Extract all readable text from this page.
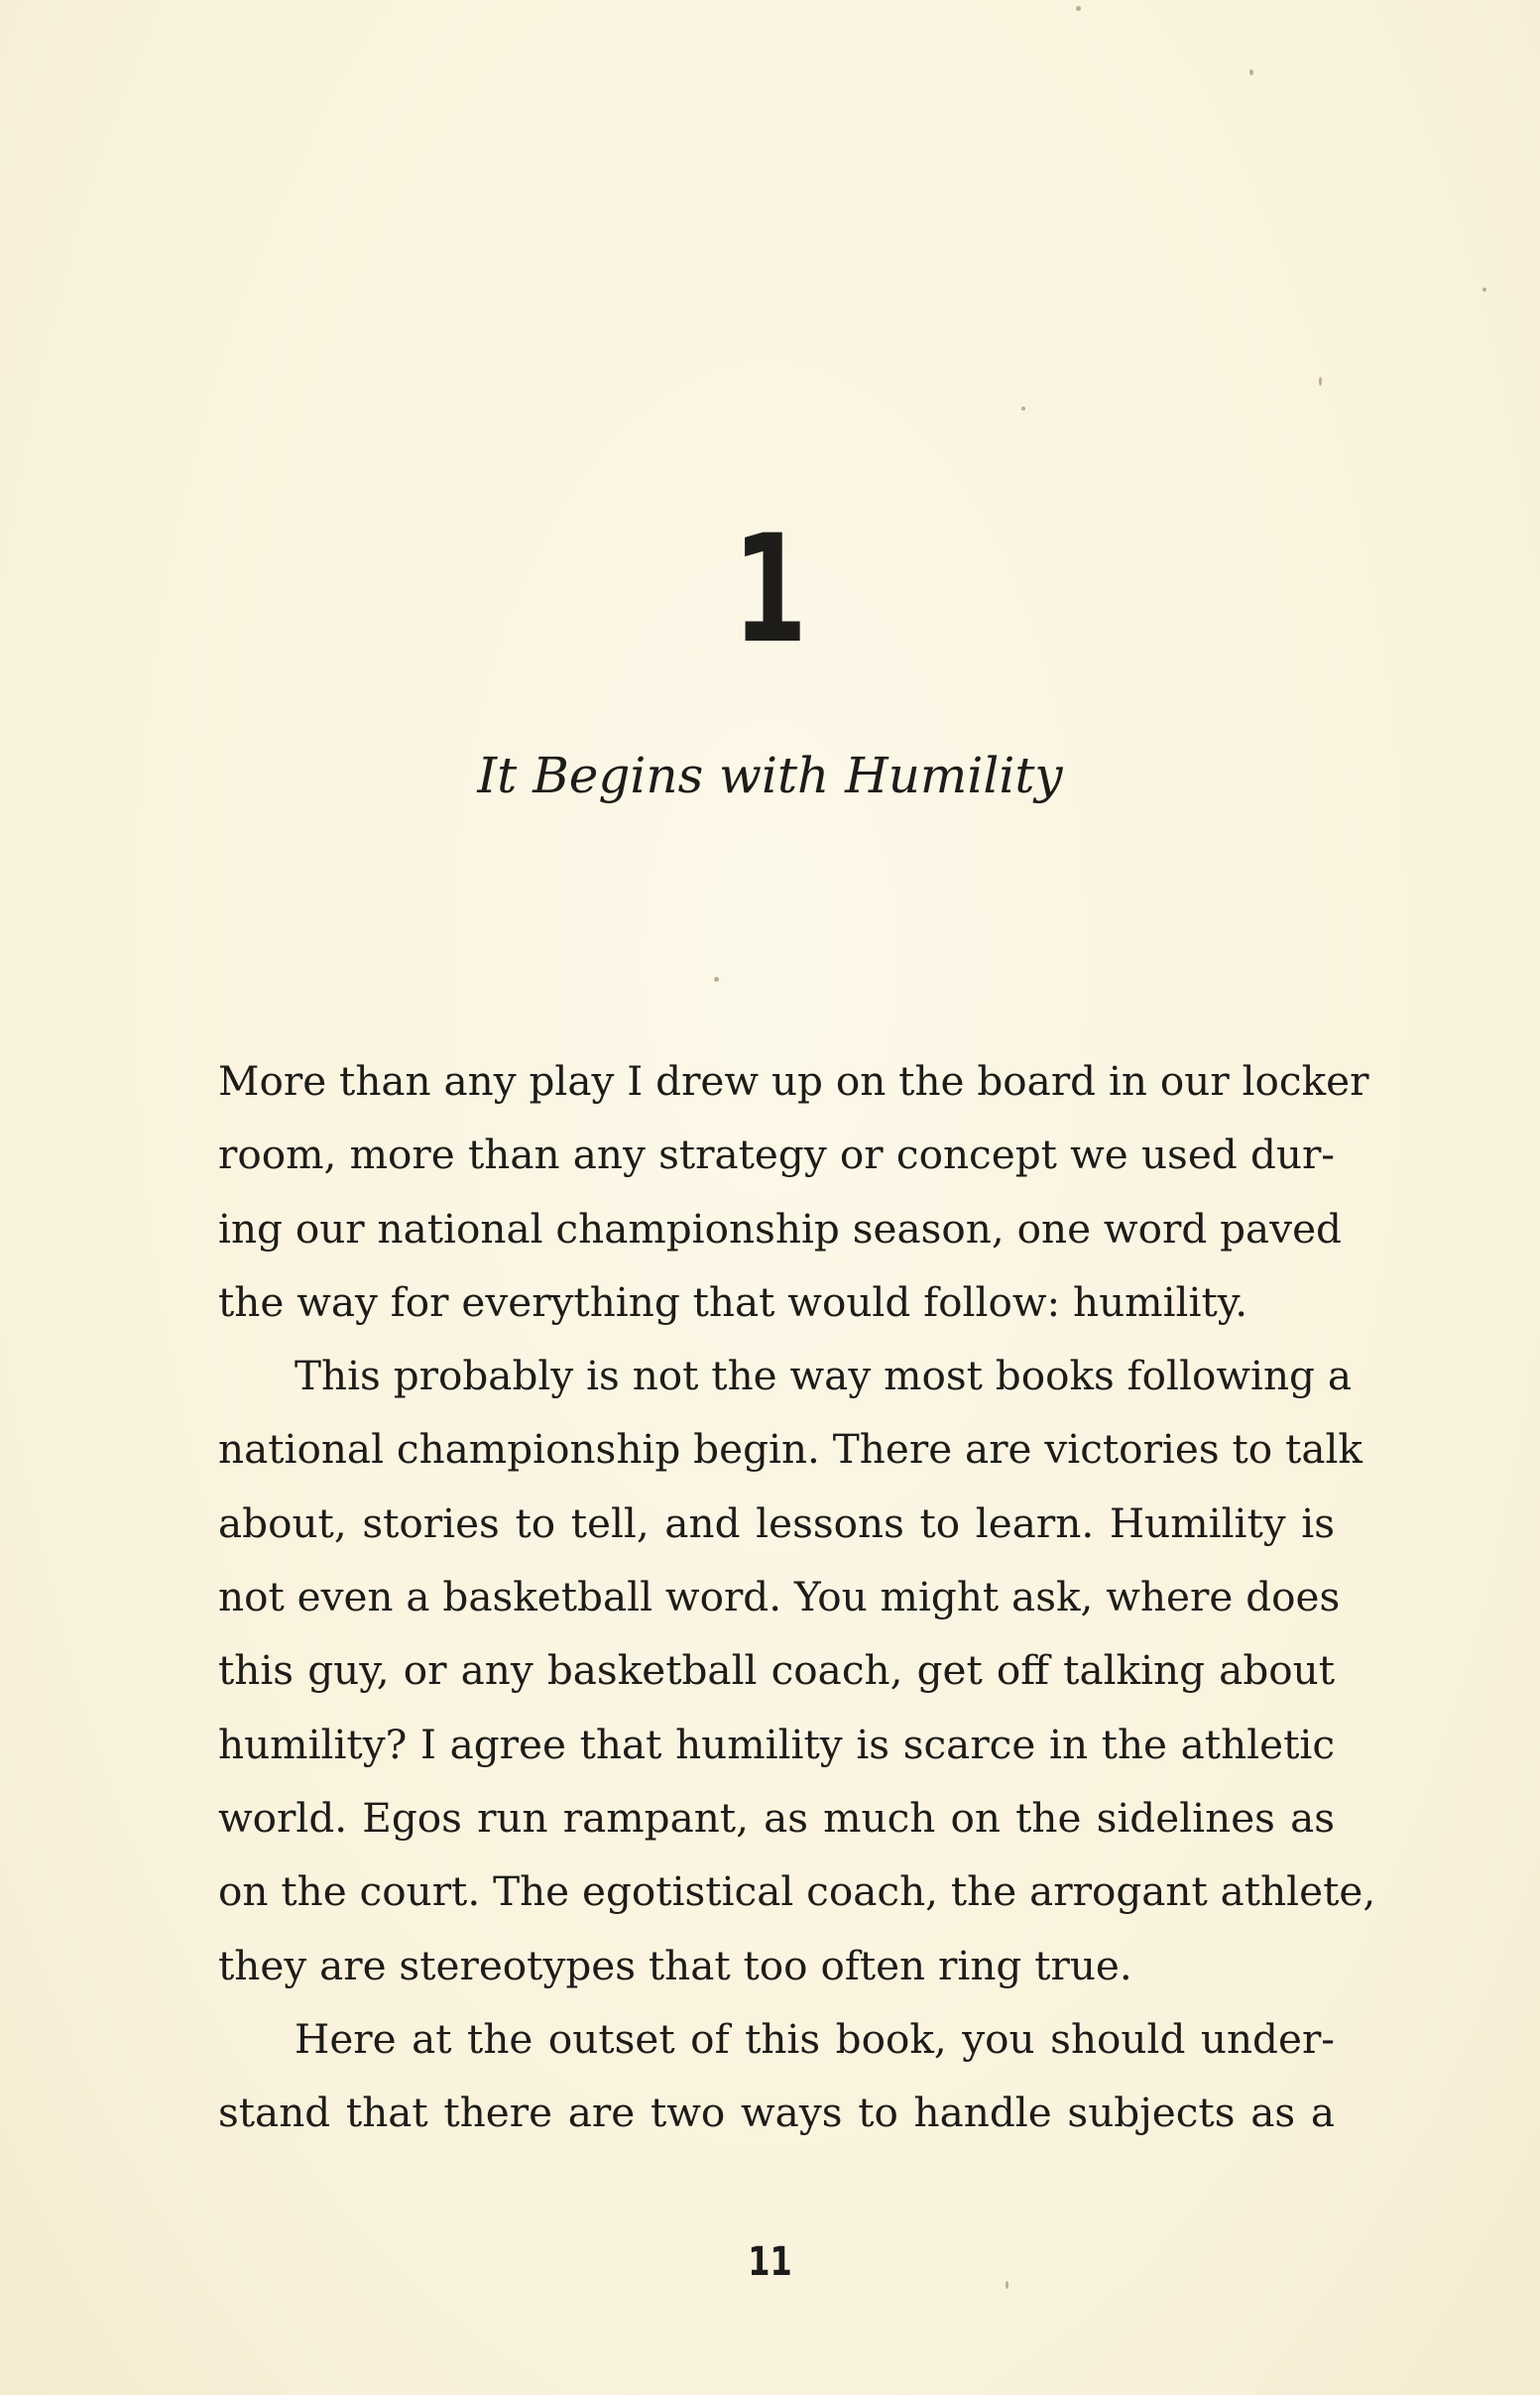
1
It Begins with Humility
More than any play I drew up on the board in our locker
room, more than any strategy or concept we used dur-
ing our national championship season, one word paved
the way for everything that would follow: humility.
This probably is not the way most books following a
national championship begin. There are victories to talk
about, stories to tell, and lessons to learn. Humility is
not even a basketball word. You might ask, where does
this guy, or any basketball coach, get off talking about
humility? I agree that humility is scarce in the athletic
world. Egos run rampant, as much on the sidelines as
on the court. The egotistical coach, the arrogant athlete,
they are stereotypes that too often ring true.
Here at the outset of this book, you should under-
stand that there are two ways to handle subjects as a
11
